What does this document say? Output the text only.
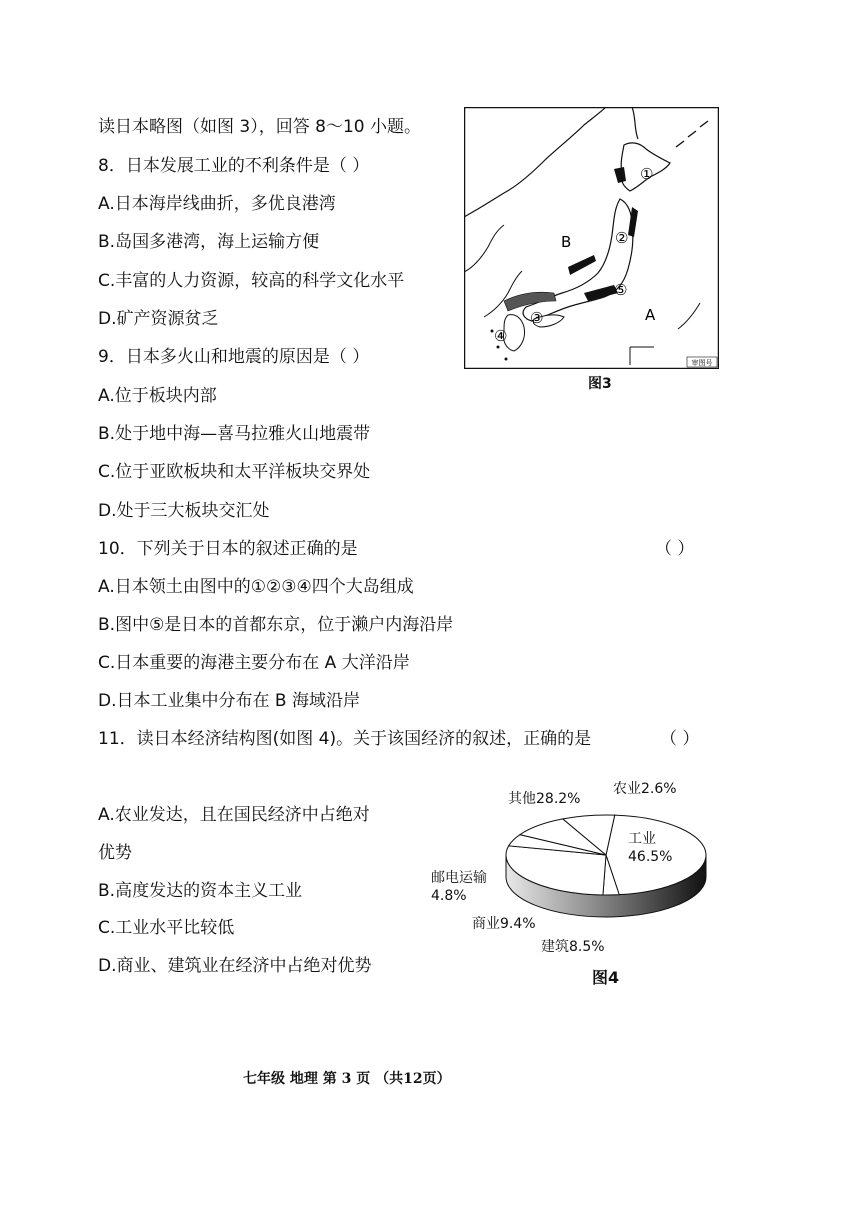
读日本略图（如图 3），回答 8～10 小题。
8．日本发展工业的不利条件是（ ）
A.日本海岸线曲折，多优良港湾
B.岛国多港湾，海上运输方便
C.丰富的人力资源，较高的科学文化水平
D.矿产资源贫乏
9．日本多火山和地震的原因是（ ）
A.位于板块内部
B.处于地中海—喜马拉雅火山地震带
C.位于亚欧板块和太平洋板块交界处
D.处于三大板块交汇处
10．下列关于日本的叙述正确的是	（ ）
A.日本领土由图中的①②③④四个大岛组成
B.图中⑤是日本的首都东京，位于濑户内海沿岸
C.日本重要的海港主要分布在 A 大洋沿岸
D.日本工业集中分布在 B 海域沿岸
11．读日本经济结构图(如图 4)。关于该国经济的叙述，正确的是	（ ）
A.农业发达，且在国民经济中占绝对
优势
B.高度发达的资本主义工业
C.工业水平比较低
D.商业、建筑业在经济中占绝对优势
审图号
B
A
①
②
③
④
⑤
图3
其他28.2%
农业2.6%
工业
46.5%
邮电运输
4.8%
商业9.4%
建筑8.5%
图4
七年级 地理 第 3 页 （共12页）
